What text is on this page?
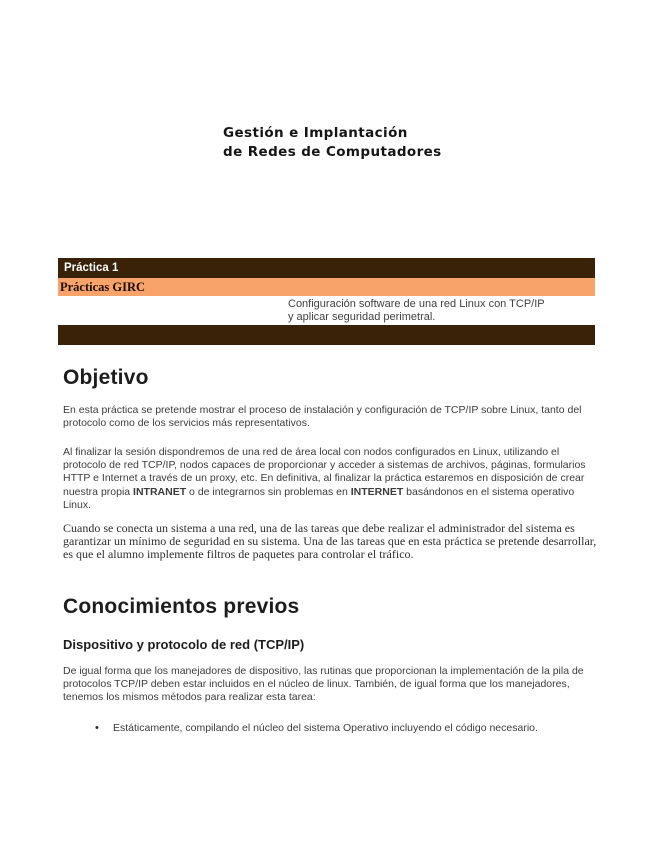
Gestión e Implantación
de Redes de Computadores
Práctica 1
Prácticas GIRC
Configuración software de una red Linux con TCP/IP
y aplicar seguridad perimetral.
Objetivo
En esta práctica se pretende mostrar el proceso de instalación y configuración de TCP/IP sobre Linux, tanto del protocolo como de los servicios más representativos.
Al finalizar la sesión dispondremos de una red de área local con nodos configurados en Linux, utilizando el protocolo de red TCP/IP, nodos capaces de proporcionar y acceder a sistemas de archivos, páginas, formularios HTTP e Internet a través de un proxy, etc. En definitiva, al finalizar la práctica estaremos en disposición de crear nuestra propia INTRANET o de integrarnos sin problemas en INTERNET basándonos en el sistema operativo Linux.
Cuando se conecta un sistema a una red, una de las tareas que debe realizar el administrador del sistema es garantizar un mínimo de seguridad en su sistema. Una de las tareas que en esta práctica se pretende desarrollar, es que el alumno implemente filtros de paquetes para controlar el tráfico.
Conocimientos previos
Dispositivo y protocolo de red (TCP/IP)
De igual forma que los manejadores de dispositivo, las rutinas que proporcionan la implementación de la pila de protocolos TCP/IP deben estar incluidos en el núcleo de linux. También, de igual forma que los manejadores, tenemos los mismos métodos para realizar esta tarea:
•	Estáticamente, compilando el núcleo del sistema Operativo incluyendo el código necesario.
